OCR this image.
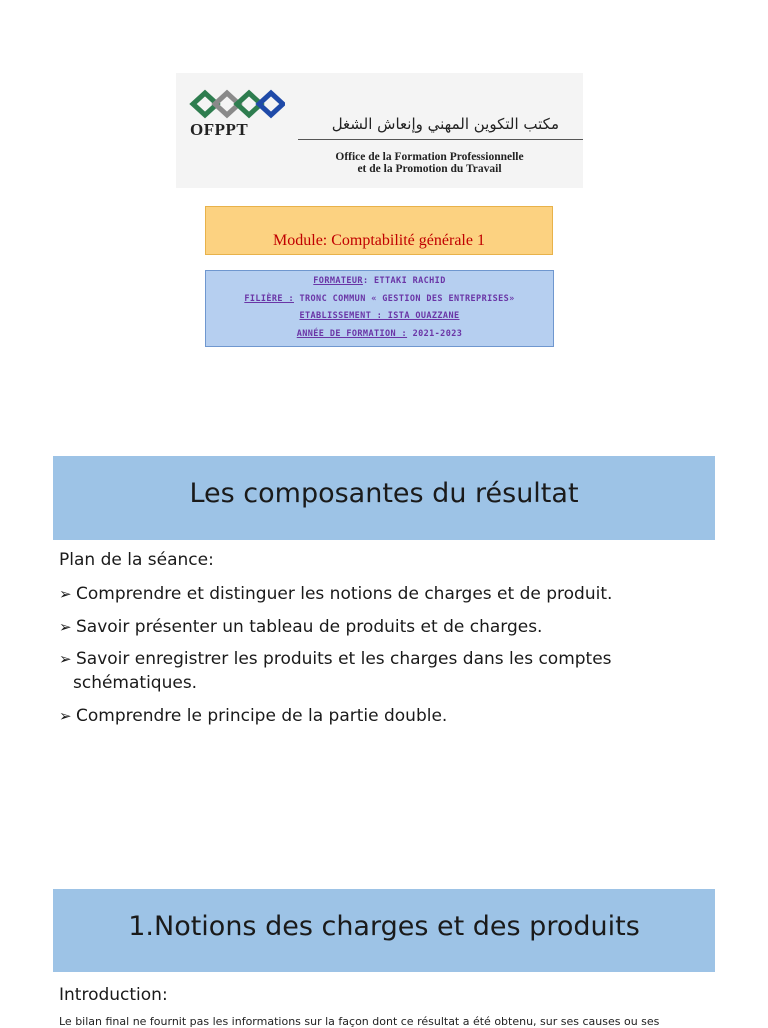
OFPPT	مكتب التكوين المهني وإنعاش الشغل
Office de la Formation Professionnelle
et de la Promotion du Travail
Module: Comptabilité générale 1
FORMATEUR: ETTAKI RACHID
FILIÈRE : TRONC COMMUN « GESTION DES ENTREPRISES»
ETABLISSEMENT : ISTA OUAZZANE
ANNÉE DE FORMATION : 2021-2023
Les composantes du résultat
Plan de la séance:
➢ Comprendre et distinguer les notions de charges et de produit.
➢ Savoir présenter un tableau de produits et de charges.
➢ Savoir enregistrer les produits et les charges dans les comptes
schématiques.
➢ Comprendre le principe de la partie double.
1.Notions des charges et des produits
Introduction:
Le bilan final ne fournit pas les informations sur la façon dont ce résultat a été obtenu, sur ses causes ou ses
